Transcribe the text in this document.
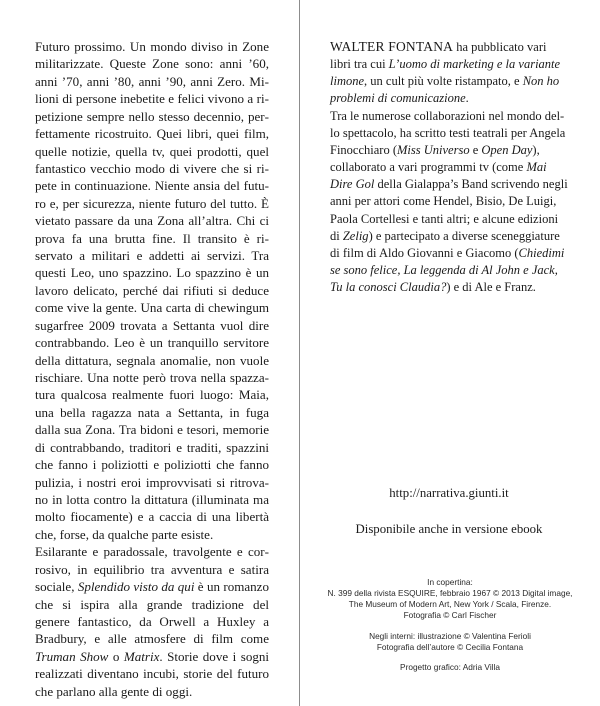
Futuro prossimo. Un mondo diviso in Zone militarizzate. Queste Zone sono: anni ’60, anni ’70, anni ’80, anni ’90, anni Zero. Milioni di persone inebetite e felici vivono a ripetizione sempre nello stesso decennio, perfettamente ricostruito. Quei libri, quei film, quelle notizie, quella tv, quei prodotti, quel fantastico vecchio modo di vivere che si ripete in continuazione. Niente ansia del futuro e, per sicurezza, niente futuro del tutto. È vietato passare da una Zona all’altra. Chi ci prova fa una brutta fine. Il transito è riservato a militari e addetti ai servizi. Tra questi Leo, uno spazzino. Lo spazzino è un lavoro delicato, perché dai rifiuti si deduce come vive la gente. Una carta di chewingum sugarfree 2009 trovata a Settanta vuol dire contrabbando. Leo è un tranquillo servitore della dittatura, segnala anomalie, non vuole rischiare. Una notte però trova nella spazzatura qualcosa realmente fuori luogo: Maia, una bella ragazza nata a Settanta, in fuga dalla sua Zona. Tra bidoni e tesori, memorie di contrabbando, traditori e traditi, spazzini che fanno i poliziotti e poliziotti che fanno pulizia, i nostri eroi improvvisati si ritrovano in lotta contro la dittatura (illuminata ma molto fiocamente) e a caccia di una libertà che, forse, da qualche parte esiste.

Esilarante e paradossale, travolgente e corrosivo, in equilibrio tra avventura e satira sociale, Splendido visto da qui è un romanzo che si ispira alla grande tradizione del genere fantastico, da Orwell a Huxley a Bradbury, e alle atmosfere di film come Truman Show o Matrix. Storie dove i sogni realizzati diventano incubi, storie del futuro che parlano alla gente di oggi.

WALTER FONTANA ha pubblicato vari libri tra cui L’uomo di marketing e la variante limone, un cult più volte ristampato, e Non ho problemi di comunicazione.

Tra le numerose collaborazioni nel mondo dello spettacolo, ha scritto testi teatrali per Angela Finocchiaro (Miss Universo e Open Day), collaborato a vari programmi tv (come Mai Dire Gol della Gialappa’s Band scrivendo negli anni per attori come Hendel, Bisio, De Luigi, Paola Cortellesi e tanti altri; e alcune edizioni di Zelig) e partecipato a diverse sceneggiature di film di Aldo Giovanni e Giacomo (Chiedimi se sono felice, La leggenda di Al John e Jack, Tu la conosci Claudia?) e di Ale e Franz.

http://narrativa.giunti.it
Disponibile anche in versione ebook
In copertina:
N. 399 della rivista ESQUIRE, febbraio 1967 © 2013 Digital image,
The Museum of Modern Art, New York / Scala, Firenze.
Fotografia © Carl Fischer
Negli interni: illustrazione © Valentina Ferioli
Fotografia dell’autore © Cecilia Fontana
Progetto grafico: Adria Villa
